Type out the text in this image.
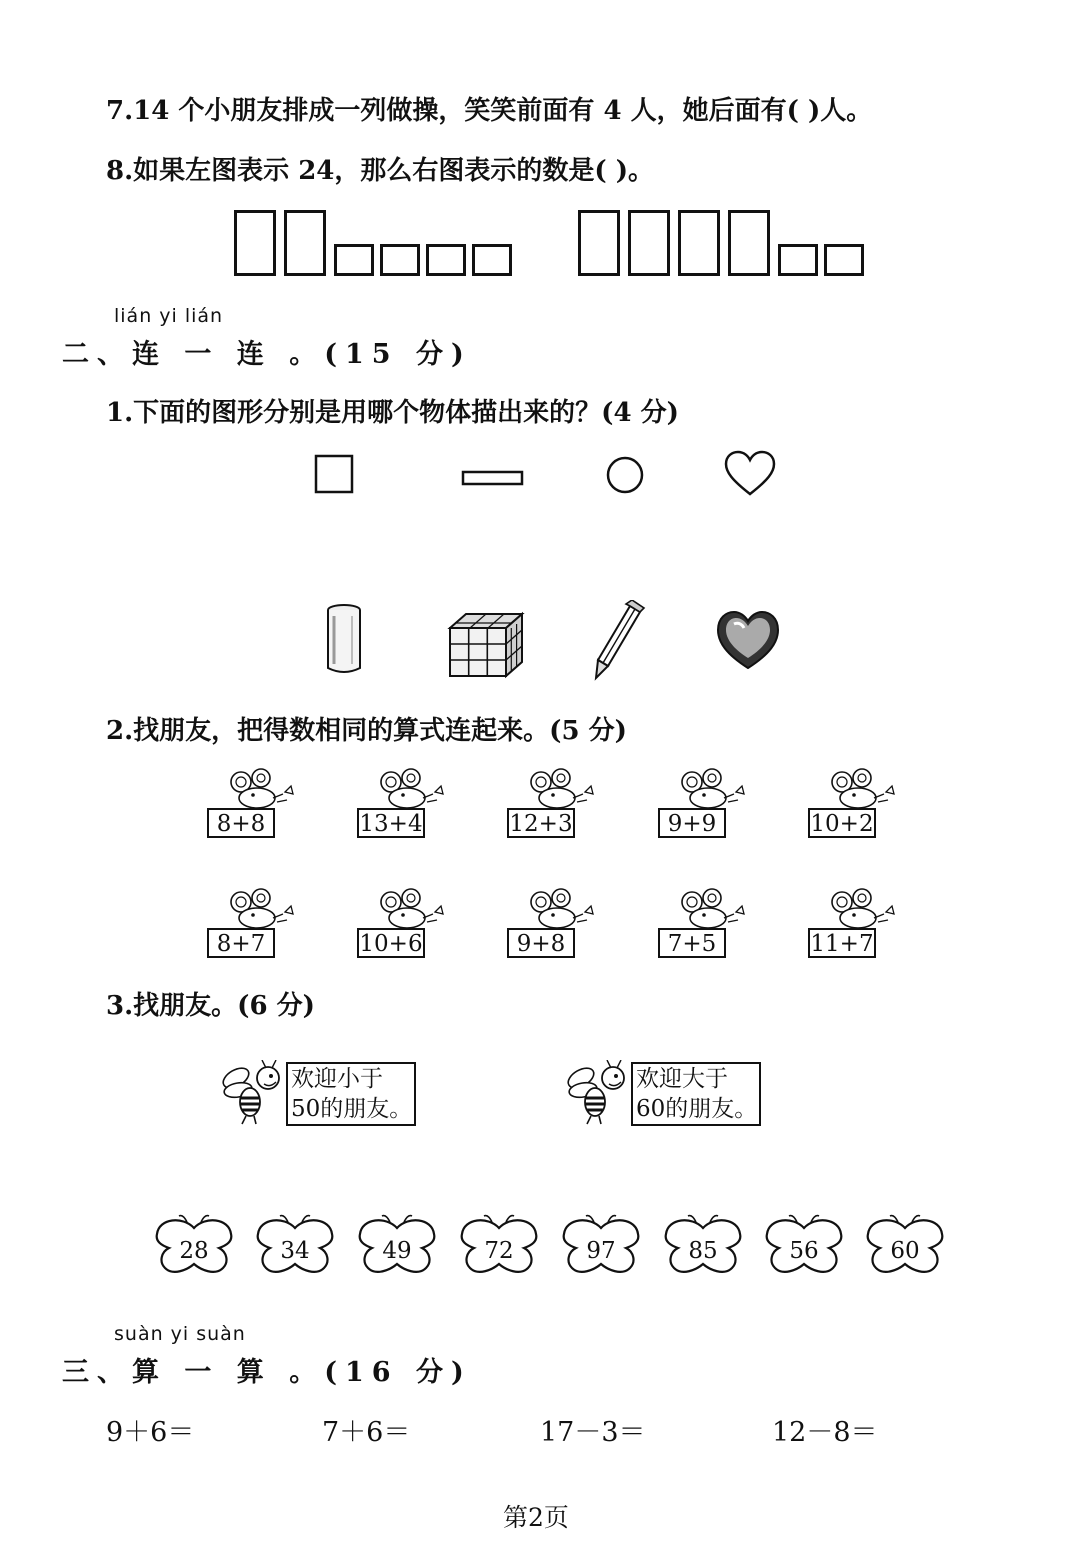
7.14 个小朋友排成一列做操，笑笑前面有 4 人，她后面有( )人。
8.如果左图表示 24，那么右图表示的数是( )。
lián yi lián
二、连 一 连 。(15 分)
1.下面的图形分别是用哪个物体描出来的？(4 分)
2.找朋友，把得数相同的算式连起来。(5 分)
8+8	13+4	12+3	9+9	10+2
8+7	10+6	9+8	7+5	11+7
3.找朋友。(6 分)
欢迎小于
50的朋友。
欢迎大于
60的朋友。
28	34	49	72	97	85	56	60
suàn yi suàn
三、算 一 算 。(16 分)
9＋6＝	7＋6＝	17－3＝	12－8＝
第2页
